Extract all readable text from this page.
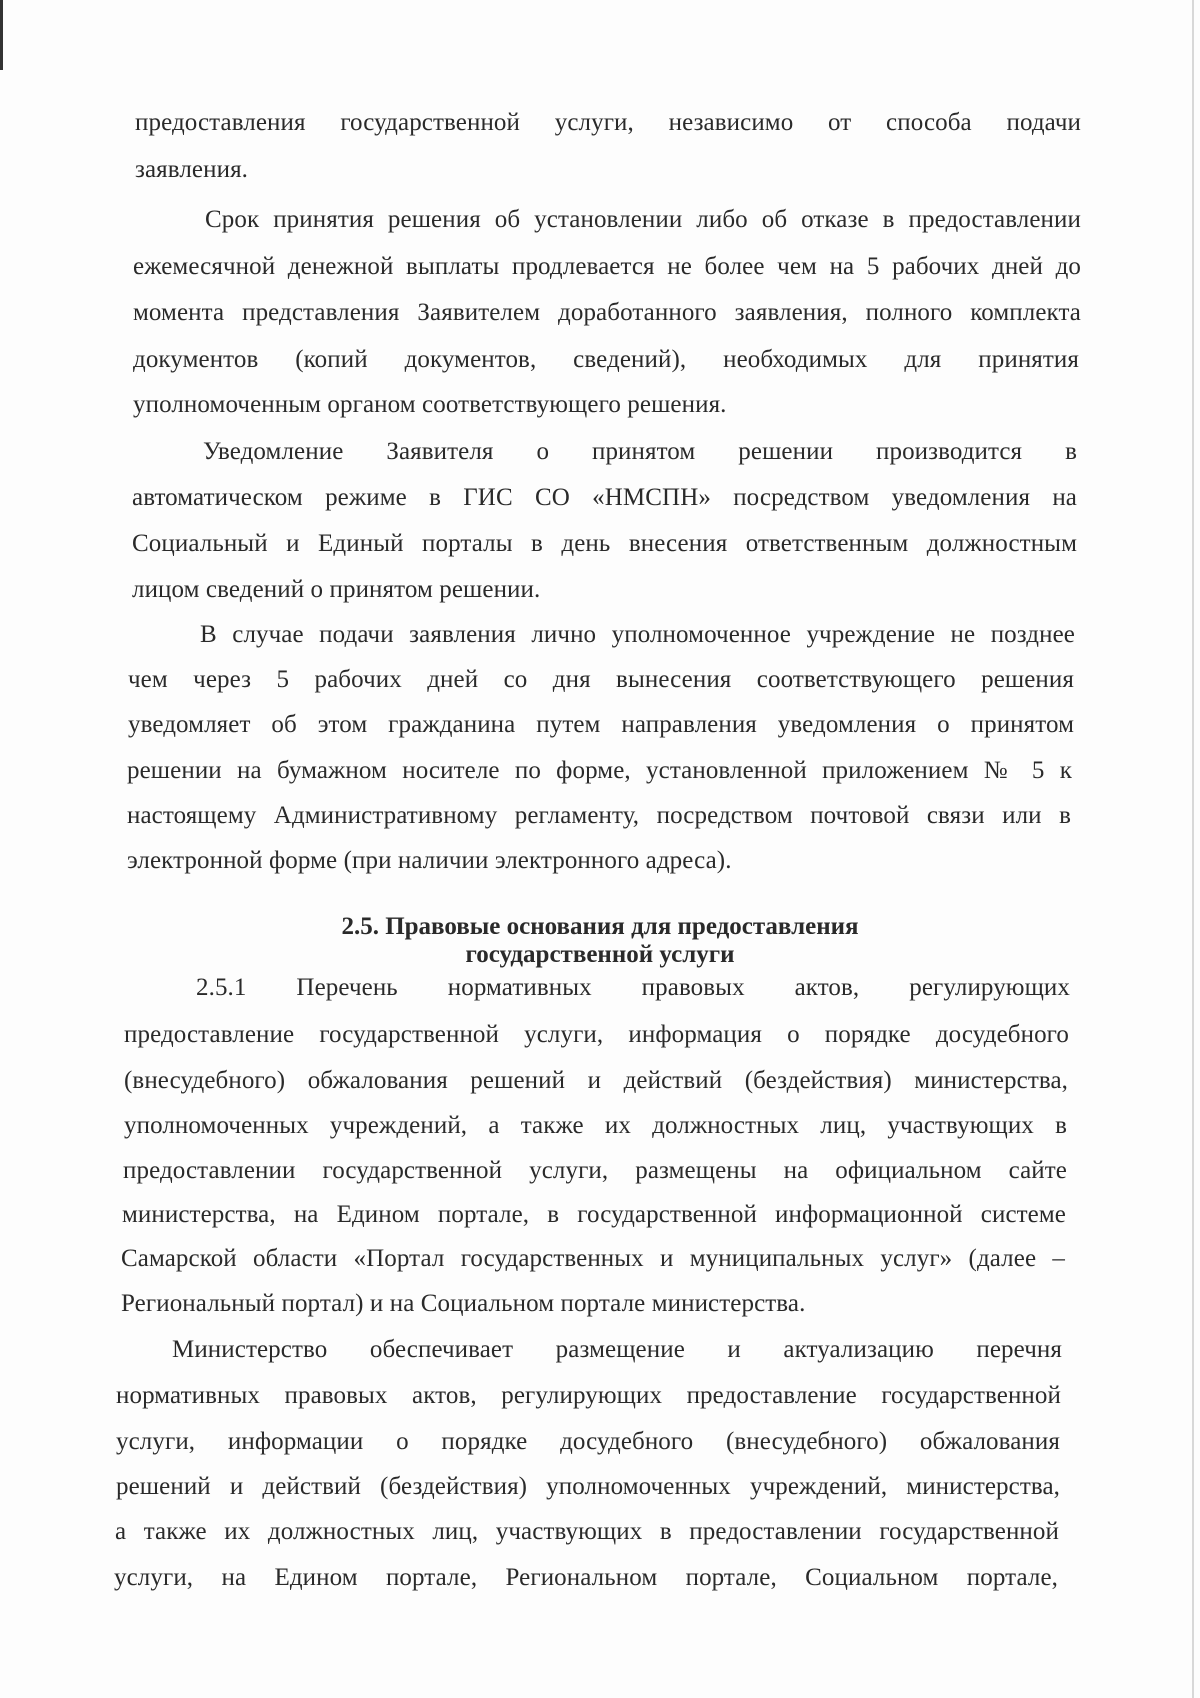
предоставления государственной услуги, независимо от способа подачи
заявления.
Срок принятия решения об установлении либо об отказе в предоставлении
ежемесячной денежной выплаты продлевается не более чем на 5 рабочих дней до
момента представления Заявителем доработанного заявления, полного комплекта
документов (копий документов, сведений), необходимых для принятия
уполномоченным органом соответствующего решения.
Уведомление Заявителя о принятом решении производится в
автоматическом режиме в ГИС СО «НМСПН» посредством уведомления на
Социальный и Единый порталы в день внесения ответственным должностным
лицом сведений о принятом решении.
В случае подачи заявления лично уполномоченное учреждение не позднее
чем через 5 рабочих дней со дня вынесения соответствующего решения
уведомляет об этом гражданина путем направления уведомления о принятом
решении на бумажном носителе по форме, установленной приложением № 5 к
настоящему Административному регламенту, посредством почтовой связи или в
электронной форме (при наличии электронного адреса).
2.5. Правовые основания для предоставления
государственной услуги
2.5.1 Перечень нормативных правовых актов, регулирующих
предоставление государственной услуги, информация о порядке досудебного
(внесудебного) обжалования решений и действий (бездействия) министерства,
уполномоченных учреждений, а также их должностных лиц, участвующих в
предоставлении государственной услуги, размещены на официальном сайте
министерства, на Едином портале, в государственной информационной системе
Самарской области «Портал государственных и муниципальных услуг» (далее –
Региональный портал) и на Социальном портале министерства.
Министерство обеспечивает размещение и актуализацию перечня
нормативных правовых актов, регулирующих предоставление государственной
услуги, информации о порядке досудебного (внесудебного) обжалования
решений и действий (бездействия) уполномоченных учреждений, министерства,
а также их должностных лиц, участвующих в предоставлении государственной
услуги, на Едином портале, Региональном портале, Социальном портале,
